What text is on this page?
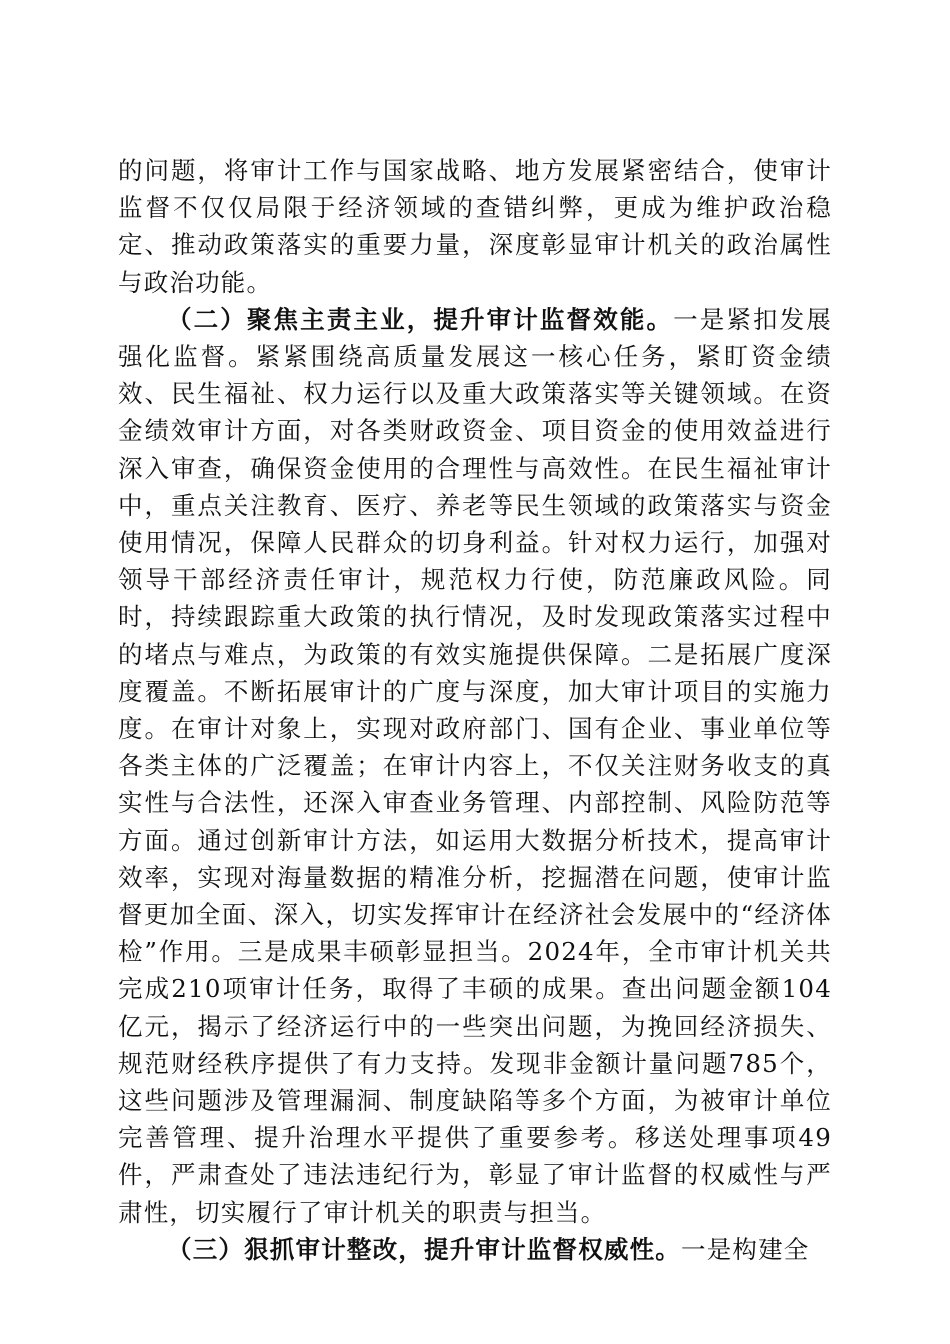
的问题，将审计工作与国家战略、地方发展紧密结合，使审计监督不仅仅局限于经济领域的查错纠弊，更成为维护政治稳定、推动政策落实的重要力量，深度彰显审计机关的政治属性与政治功能。

（二）聚焦主责主业，提升审计监督效能。一是紧扣发展强化监督。紧紧围绕高质量发展这一核心任务，紧盯资金绩效、民生福祉、权力运行以及重大政策落实等关键领域。在资金绩效审计方面，对各类财政资金、项目资金的使用效益进行深入审查，确保资金使用的合理性与高效性。在民生福祉审计中，重点关注教育、医疗、养老等民生领域的政策落实与资金使用情况，保障人民群众的切身利益。针对权力运行，加强对领导干部经济责任审计，规范权力行使，防范廉政风险。同时，持续跟踪重大政策的执行情况，及时发现政策落实过程中的堵点与难点，为政策的有效实施提供保障。二是拓展广度深度覆盖。不断拓展审计的广度与深度，加大审计项目的实施力度。在审计对象上，实现对政府部门、国有企业、事业单位等各类主体的广泛覆盖；在审计内容上，不仅关注财务收支的真实性与合法性，还深入审查业务管理、内部控制、风险防范等方面。通过创新审计方法，如运用大数据分析技术，提高审计效率，实现对海量数据的精准分析，挖掘潜在问题，使审计监督更加全面、深入，切实发挥审计在经济社会发展中的“经济体检”作用。三是成果丰硕彰显担当。2024年，全市审计机关共完成210项审计任务，取得了丰硕的成果。查出问题金额104亿元，揭示了经济运行中的一些突出问题，为挽回经济损失、规范财经秩序提供了有力支持。发现非金额计量问题785个，这些问题涉及管理漏洞、制度缺陷等多个方面，为被审计单位完善管理、提升治理水平提供了重要参考。移送处理事项49件，严肃查处了违法违纪行为，彰显了审计监督的权威性与严肃性，切实履行了审计机关的职责与担当。

（三）狠抓审计整改，提升审计监督权威性。一是构建全
